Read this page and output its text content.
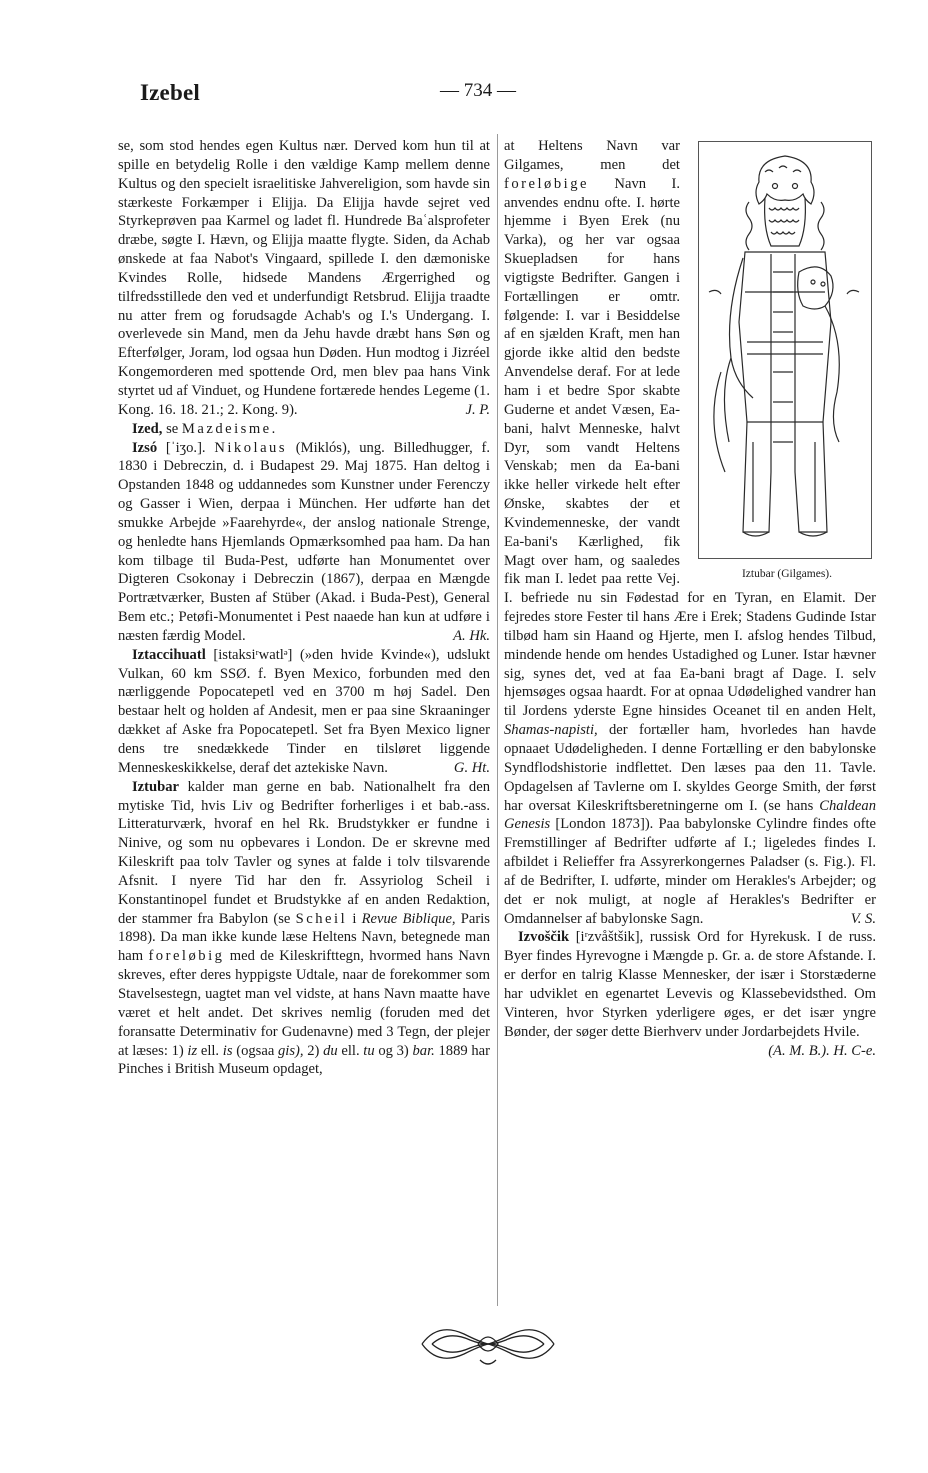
Izebel	— 734 —

se, som stod hendes egen Kultus nær. Derved kom hun til at spille en betydelig Rolle i den vældige Kamp mellem denne Kultus og den specielt israelitiske Jahvereligion, som havde sin stærkeste Forkæmper i Elijja. Da Elijja havde sejret ved Styrkeprøven paa Karmel og ladet fl. Hundrede Baʿalsprofeter dræbe, søgte I. Hævn, og Elijja maatte flygte. Siden, da Achab ønskede at faa Nabot's Vingaard, spillede I. den dæmoniske Kvindes Rolle, hidsede Mandens Ærgerrighed og tilfredsstillede den ved et underfundigt Retsbrud. Elijja traadte nu atter frem og forudsagde Achab's og I.'s Undergang. I. overlevede sin Mand, men da Jehu havde dræbt hans Søn og Efterfølger, Joram, lod ogsaa hun Døden. Hun modtog i Jizréel Kongemorderen med spottende Ord, men blev paa hans Vink styrtet ud af Vinduet, og Hundene fortærede hendes Legeme (1. Kong. 16. 18. 21.; 2. Kong. 9).	J. P.

Ized, se Mazdeisme.

Izsó [ˈiʒo.]. Nikolaus (Miklós), ung. Billedhugger, f. 1830 i Debreczin, d. i Budapest 29. Maj 1875. Han deltog i Opstanden 1848 og uddannedes som Kunstner under Ferenczy og Gasser i Wien, derpaa i München. Her udførte han det smukke Arbejde »Faarehyrde«, der anslog nationale Strenge, og henledte hans Hjemlands Opmærksomhed paa ham. Da han kom tilbage til Buda-Pest, udførte han Monumentet over Digteren Csokonay i Debreczin (1867), derpaa en Mængde Portrætværker, Busten af Stüber (Akad. i Buda-Pest), General Bem etc.; Petøfi-Monumentet i Pest naaede han kun at udføre i næsten færdig Model.	A. Hk.

Iztaccihuatl [istaksiʳwatlᵊ] (»den hvide Kvinde«), udslukt Vulkan, 60 km SSØ. f. Byen Mexico, forbunden med den nærliggende Popocatepetl ved en 3700 m høj Sadel. Den bestaar helt og holden af Andesit, men er paa sine Skraaninger dækket af Aske fra Popocatepetl. Set fra Byen Mexico ligner dens tre snedækkede Tinder en tilsløret liggende Menneskeskikkelse, deraf det aztekiske Navn.	G. Ht.

Iztubar kalder man gerne en bab. Nationalhelt fra den mytiske Tid, hvis Liv og Bedrifter forherliges i et bab.-ass. Litteraturværk, hvoraf en hel Rk. Brudstykker er fundne i Ninive, og som nu opbevares i London. De er skrevne med Kileskrift paa tolv Tavler og synes at falde i tolv tilsvarende Afsnit. I nyere Tid har den fr. Assyriolog Scheil i Konstantinopel fundet et Brudstykke af en anden Redaktion, der stammer fra Babylon (se Scheil i Revue Biblique, Paris 1898). Da man ikke kunde læse Heltens Navn, betegnede man ham foreløbig med de Kileskrifttegn, hvormed hans Navn skreves, efter deres hyppigste Udtale, naar de forekommer som Stavelsestegn, uagtet man vel vidste, at hans Navn maatte have været et helt andet. Det skrives nemlig (foruden med det foransatte Determinativ for Gudenavne) med 3 Tegn, der plejer at læses: 1) iz ell. is (ogsaa gis), 2) du ell. tu og 3) bar. 1889 har Pinches i British Museum opdaget,

Iztubar (Gilgames).

at Heltens Navn var Gilgames, men det foreløbige Navn I. anvendes endnu ofte. I. hørte hjemme i Byen Erek (nu Varka), og her var ogsaa Skuepladsen for hans vigtigste Bedrifter. Gangen i Fortællingen er omtr. følgende: I. var i Besiddelse af en sjælden Kraft, men han gjorde ikke altid den bedste Anvendelse deraf. For at lede ham i et bedre Spor skabte Guderne et andet Væsen, Ea-bani, halvt Menneske, halvt Dyr, som vandt Heltens Venskab; men da Ea-bani ikke heller virkede helt efter Ønske, skabtes der et Kvindemenneske, der vandt Ea-bani's Kærlighed, fik Magt over ham, og saaledes fik man I. ledet paa rette Vej. I. befriede nu sin Fødestad for en Tyran, en Elamit. Der fejredes store Fester til hans Ære i Erek; Stadens Gudinde Istar tilbød ham sin Haand og Hjerte, men I. afslog hendes Tilbud, mindende hende om hendes Ustadighed og Luner. Istar hævner sig, synes det, ved at faa Ea-bani bragt af Dage. I. selv hjemsøges ogsaa haardt. For at opnaa Udødelighed vandrer han til Jordens yderste Egne hinsides Oceanet til en anden Helt, Shamas-napisti, der fortæller ham, hvorledes han havde opnaaet Udødeligheden. I denne Fortælling er den babylonske Syndflodshistorie indflettet. Den læses paa den 11. Tavle. Opdagelsen af Tavlerne om I. skyldes George Smith, der først har oversat Kileskriftsberetningerne om I. (se hans Chaldean Genesis [London 1873]). Paa babylonske Cylindre findes ofte Fremstillinger af Bedrifter udførte af I.; ligeledes findes I. afbildet i Relieffer fra Assyrerkongernes Paladser (s. Fig.). Fl. af de Bedrifter, I. udførte, minder om Herakles's Arbejder; og det er nok muligt, at nogle af Herakles's Bedrifter er Omdannelser af babylonske Sagn.	V. S.

Izvoščik [iʳzvåštšik], russisk Ord for Hyrekusk. I de russ. Byer findes Hyrevogne i Mængde p. Gr. a. de store Afstande. I. er derfor en talrig Klasse Mennesker, der især i Storstæderne har udviklet en egenartet Levevis og Klassebevidsthed. Om Vinteren, hvor Styrken yderligere øges, er det især yngre Bønder, der søger dette Bierhverv under Jordarbejdets Hvile.
(A. M. B.). H. C-e.
